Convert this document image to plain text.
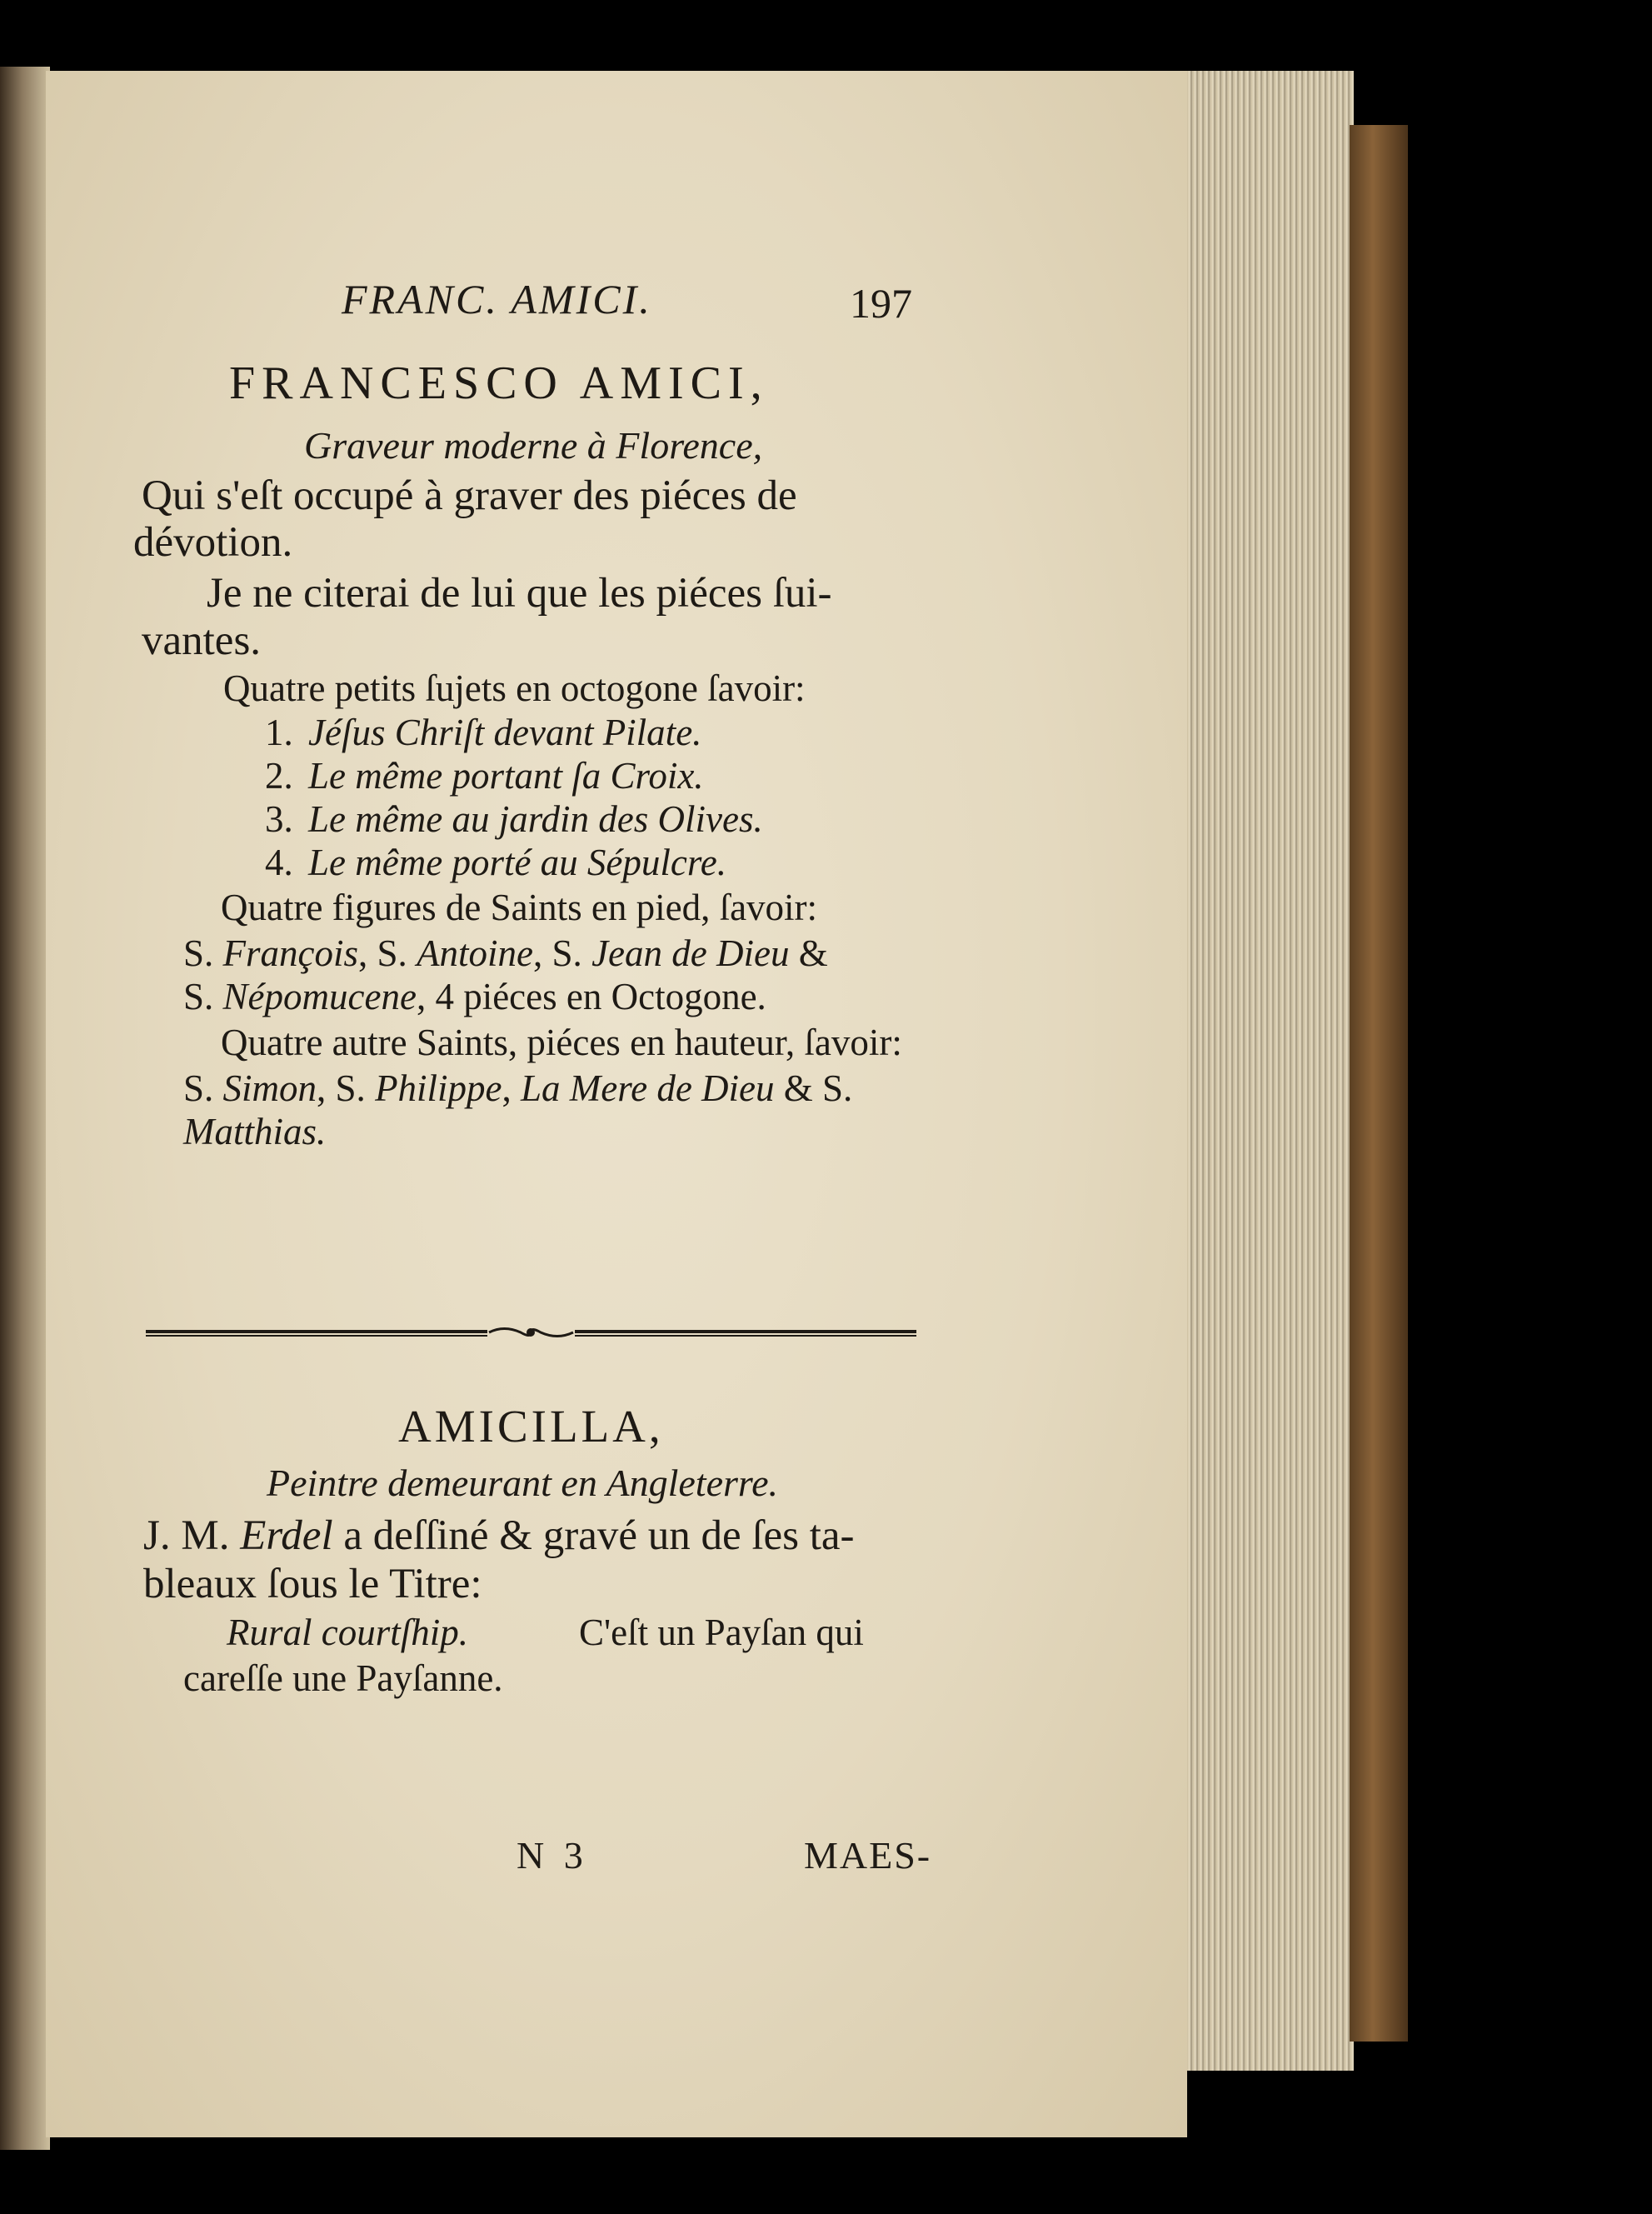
FRANC. AMICI.	197
FRANCESCO AMICI,
Graveur moderne à Florence,
Qui s'eſt occupé à graver des piéces de
dévotion.
Je ne citerai de lui que les piéces ſui-
vantes.
Quatre petits ſujets en octogone ſavoir:
1. Jéſus Chriſt devant Pilate.
2. Le même portant ſa Croix.
3. Le même au jardin des Olives.
4. Le même porté au Sépulcre.
Quatre figures de Saints en pied, ſavoir:
S. François, S. Antoine, S. Jean de Dieu &
S. Népomucene, 4 piéces en Octogone.
Quatre autre Saints, piéces en hauteur, ſavoir:
S. Simon, S. Philippe, La Mere de Dieu & S.
Matthias.
AMICILLA,
Peintre demeurant en Angleterre.
J. M. Erdel a deſſiné & gravé un de ſes ta-
bleaux ſous le Titre:
Rural courtſhip.	C'eſt un Payſan qui
careſſe une Payſanne.
N 3	MAES-
